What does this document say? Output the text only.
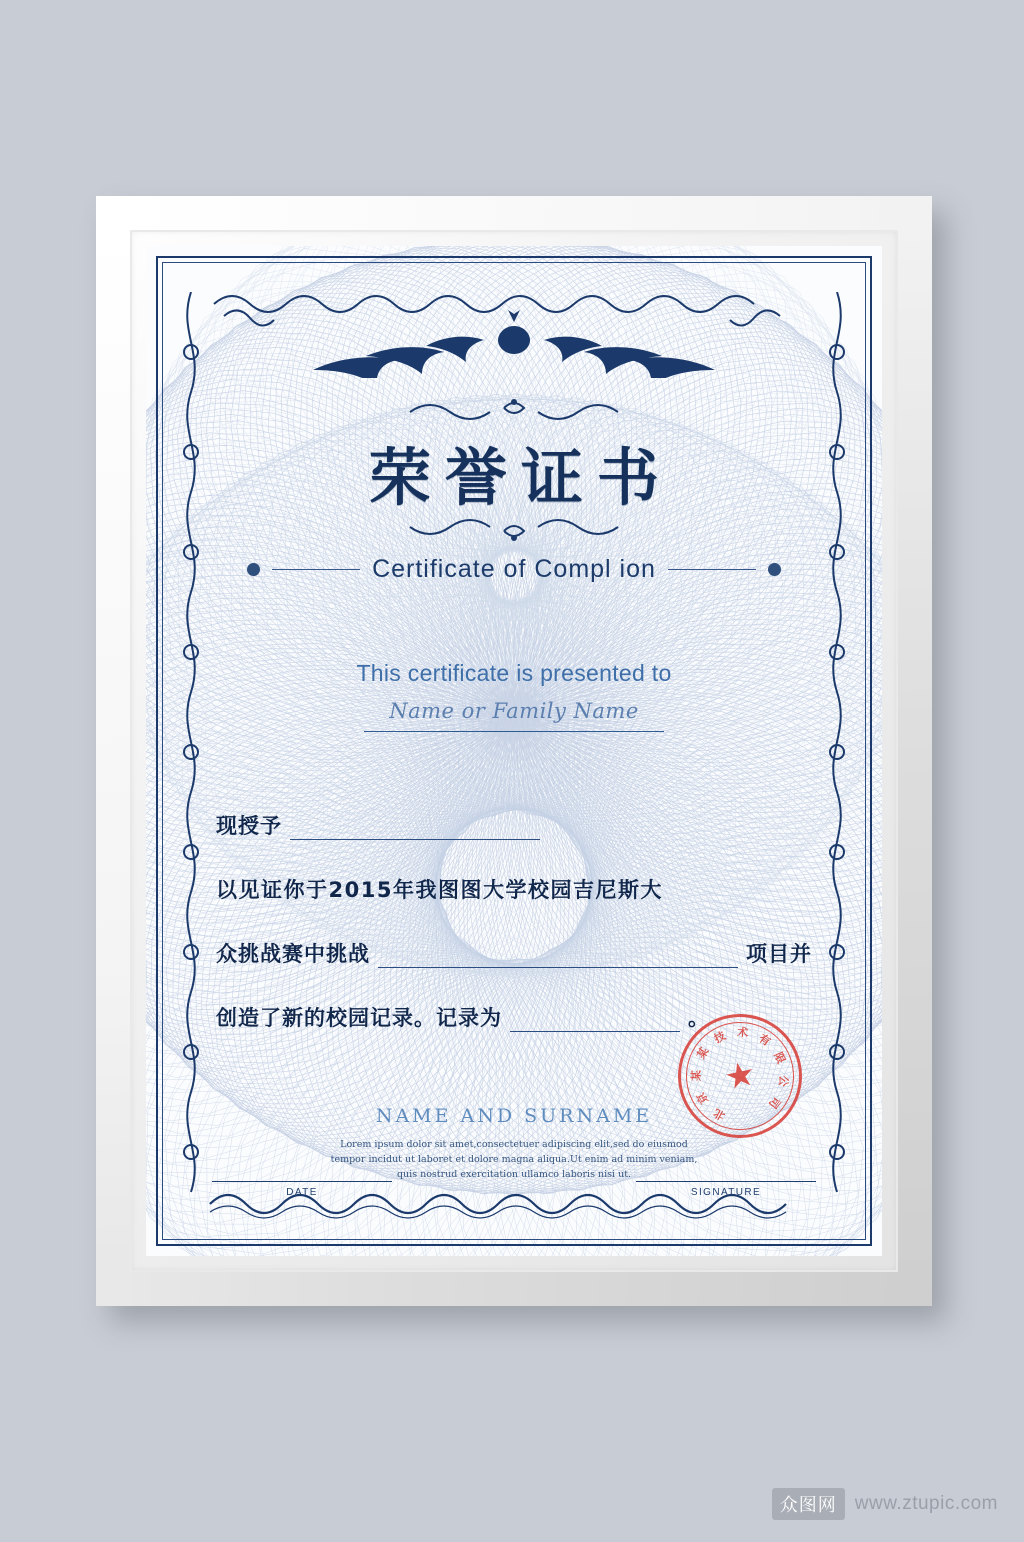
荣誉证书
Certificate of Compl ion
This certificate is presented to
Name or Family Name
现授予
以见证你于2015年我图图大学校园吉尼斯大
众挑战赛中挑战	项目并
创造了新的校园记录。记录为	。
★
北
京
某
某
技 术 有
限
公
司
NAME AND SURNAME
Lorem ipsum dolor sit amet,consectetuer adipiscing elit,sed do eiusmod tempor incidut ut laboret et dolore magna aliqua.Ut enim ad minim veniam, quis nostrud exercitation ullamco laboris nisi ut.
DATE	SIGNATURE
众图网 www.ztupic.com
